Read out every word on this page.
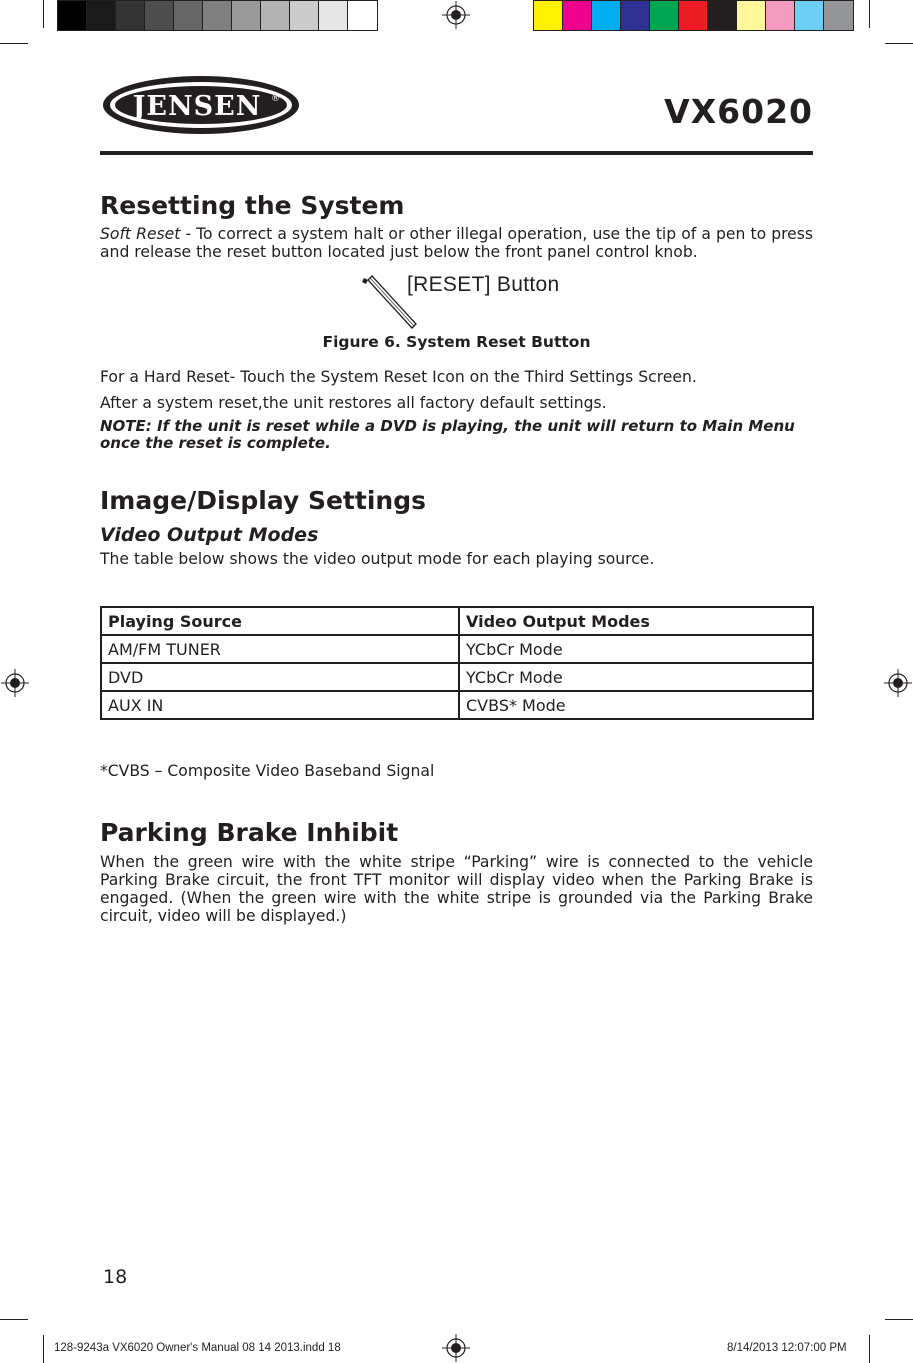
JENSEN ®	VX6020
Resetting the System
Soft Reset - To correct a system halt or other illegal operation, use the tip of a pen to press and release the reset button located just below the front panel control knob.
[RESET] Button
Figure 6. System Reset Button
For a Hard Reset- Touch the System Reset Icon on the Third Settings Screen.
After a system reset,the unit restores all factory default settings.
NOTE: If the unit is reset while a DVD is playing, the unit will return to Main Menu once the reset is complete.
Image/Display Settings
Video Output Modes
The table below shows the video output mode for each playing source.
Playing Source	Video Output Modes
AM/FM TUNER	YCbCr Mode
DVD	YCbCr Mode
AUX IN	CVBS* Mode
*CVBS – Composite Video Baseband Signal
Parking Brake Inhibit
When the green wire with the white stripe “Parking” wire is connected to the vehicle Parking Brake circuit, the front TFT monitor will display video when the Parking Brake is engaged. (When the green wire with the white stripe is grounded via the Parking Brake circuit, video will be displayed.)
18
128-9243a VX6020 Owner's Manual 08 14 2013.indd 18	8/14/2013 12:07:00 PM
